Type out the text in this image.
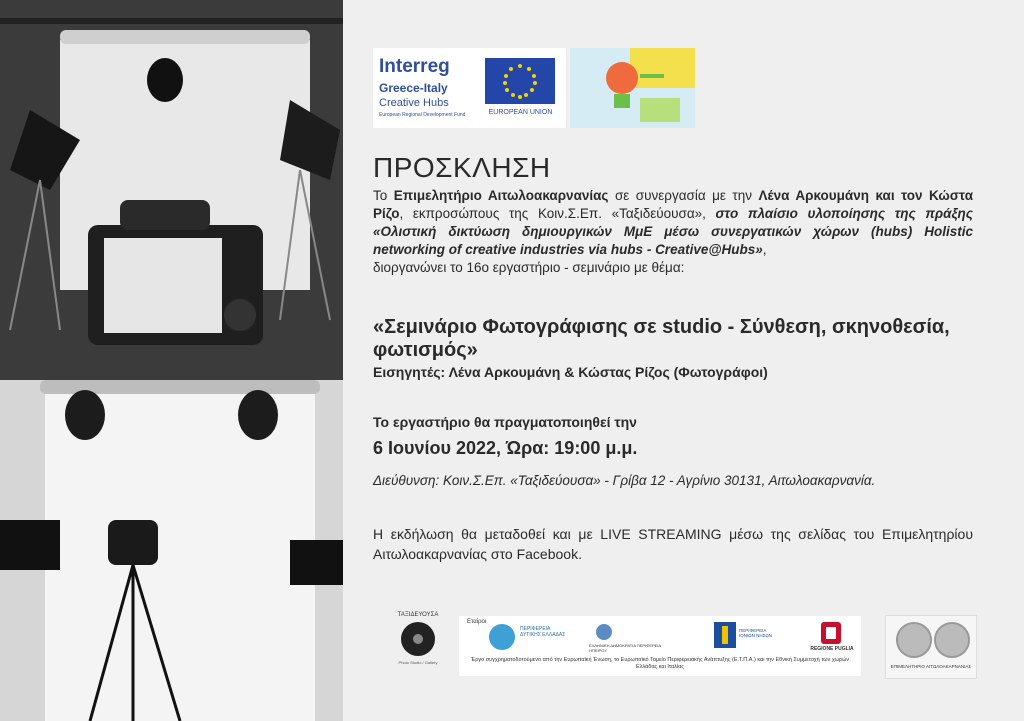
Interreg
Greece-Italy
Creative Hubs
European Regional Development Fund	EUROPEAN UNION
ΠΡΟΣΚΛΗΣΗ
Το Επιμελητήριο Αιτωλοακαρνανίας σε συνεργασία με την Λένα Αρκουμάνη και τον Κώστα Ρίζο, εκπροσώπους της Κοιν.Σ.Επ. «Ταξιδεύουσα», στο πλαίσιο υλοποίησης της πράξης «Ολιστική δικτύωση δημιουργικών ΜμΕ μέσω συνεργατικών χώρων (hubs) Holistic networking of creative industries via hubs - Creative@Hubs»,
διοργανώνει το 16ο εργαστήριο - σεμινάριο με θέμα:
«Σεμινάριο Φωτογράφισης σε studio - Σύνθεση, σκηνοθεσία, φωτισμός»
Εισηγητές: Λένα Αρκουμάνη & Κώστας Ρίζος (Φωτογράφοι)
Το εργαστήριο θα πραγματοποιηθεί την
6 Ιουνίου 2022, Ώρα: 19:00 μ.μ.
Διεύθυνση: Κοιν.Σ.Επ. «Ταξιδεύουσα» - Γρίβα 12 - Αγρίνιο 30131, Αιτωλοακαρνανία.
Η εκδήλωση θα μεταδοθεί και με LIVE STREAMING μέσω της σελίδας του Επιμελητηρίου Αιτωλοακαρνανίας στο Facebook.
ΤΑΞΙΔΕΥΟΥΣΑ
Photo Studio / Gallery
Εταίροι
ΠΕΡΙΦΕΡΕΙΑ ΔΥΤΙΚΗΣ ΕΛΛΑΔΑΣ
ΕΛΛΗΝΙΚΗ ΔΗΜΟΚΡΑΤΙΑ ΠΕΡΙΦΕΡΕΙΑ ΗΠΕΙΡΟΥ
ΠΕΡΙΦΕΡΕΙΑ ΙΟΝΙΩΝ ΝΗΣΩΝ
REGIONE PUGLIA
Έργο συγχρηματοδοτούμενο από την Ευρωπαϊκή Ένωση, το Ευρωπαϊκό Ταμείο Περιφερειακής Ανάπτυξης (Ε.Τ.Π.Α.) και την Εθνική Συμμετοχή των χωρών Ελλάδας και Ιταλίας	ΕΠΙΜΕΛΗΤΗΡΙΟ ΑΙΤΩΛΟΑΚΑΡΝΑΝΙΑΣ
